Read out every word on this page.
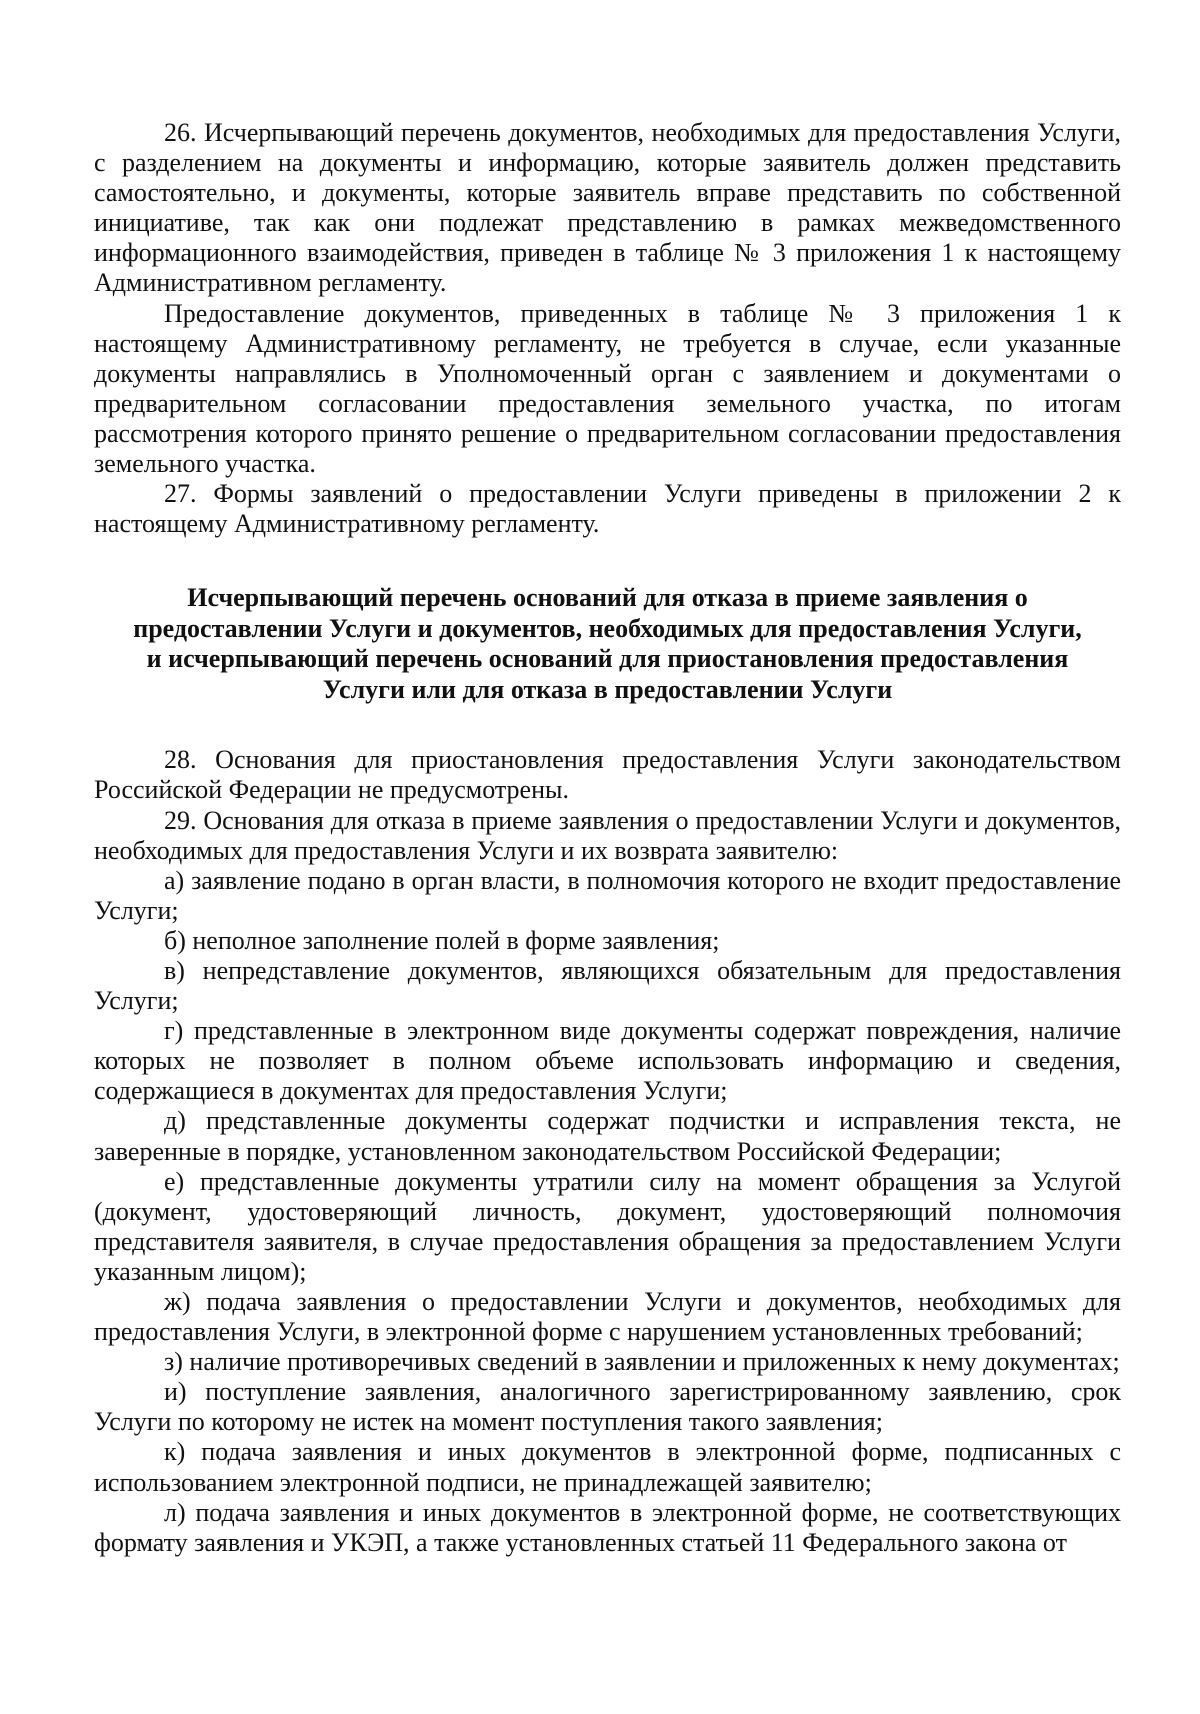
26. Исчерпывающий перечень документов, необходимых для предоставления Услуги, с разделением на документы и информацию, которые заявитель должен представить самостоятельно, и документы, которые заявитель вправе представить по собственной инициативе, так как они подлежат представлению в рамках межведомственного информационного взаимодействия, приведен в таблице № 3 приложения 1 к настоящему Административном регламенту.

Предоставление документов, приведенных в таблице № 3 приложения 1 к настоящему Административному регламенту, не требуется в случае, если указанные документы направлялись в Уполномоченный орган с заявлением и документами о предварительном согласовании предоставления земельного участка, по итогам рассмотрения которого принято решение о предварительном согласовании предоставления земельного участка.

27. Формы заявлений о предоставлении Услуги приведены в приложении 2 к настоящему Административному регламенту.

Исчерпывающий перечень оснований для отказа в приеме заявления о предоставлении Услуги и документов, необходимых для предоставления Услуги, и исчерпывающий перечень оснований для приостановления предоставления Услуги или для отказа в предоставлении Услуги

28. Основания для приостановления предоставления Услуги законодательством Российской Федерации не предусмотрены.

29. Основания для отказа в приеме заявления о предоставлении Услуги и документов, необходимых для предоставления Услуги и их возврата заявителю:

а) заявление подано в орган власти, в полномочия которого не входит предоставление Услуги;

б) неполное заполнение полей в форме заявления;

в) непредставление документов, являющихся обязательным для предоставления Услуги;

г) представленные в электронном виде документы содержат повреждения, наличие которых не позволяет в полном объеме использовать информацию и сведения, содержащиеся в документах для предоставления Услуги;

д) представленные документы содержат подчистки и исправления текста, не заверенные в порядке, установленном законодательством Российской Федерации;

е) представленные документы утратили силу на момент обращения за Услугой (документ, удостоверяющий личность, документ, удостоверяющий полномочия представителя заявителя, в случае предоставления обращения за предоставлением Услуги указанным лицом);

ж) подача заявления о предоставлении Услуги и документов, необходимых для предоставления Услуги, в электронной форме с нарушением установленных требований;

з) наличие противоречивых сведений в заявлении и приложенных к нему документах;

и) поступление заявления, аналогичного зарегистрированному заявлению, срок Услуги по которому не истек на момент поступления такого заявления;

к) подача заявления и иных документов в электронной форме, подписанных с использованием электронной подписи, не принадлежащей заявителю;

л) подача заявления и иных документов в электронной форме, не соответствующих формату заявления и УКЭП, а также установленных статьей 11 Федерального закона от
